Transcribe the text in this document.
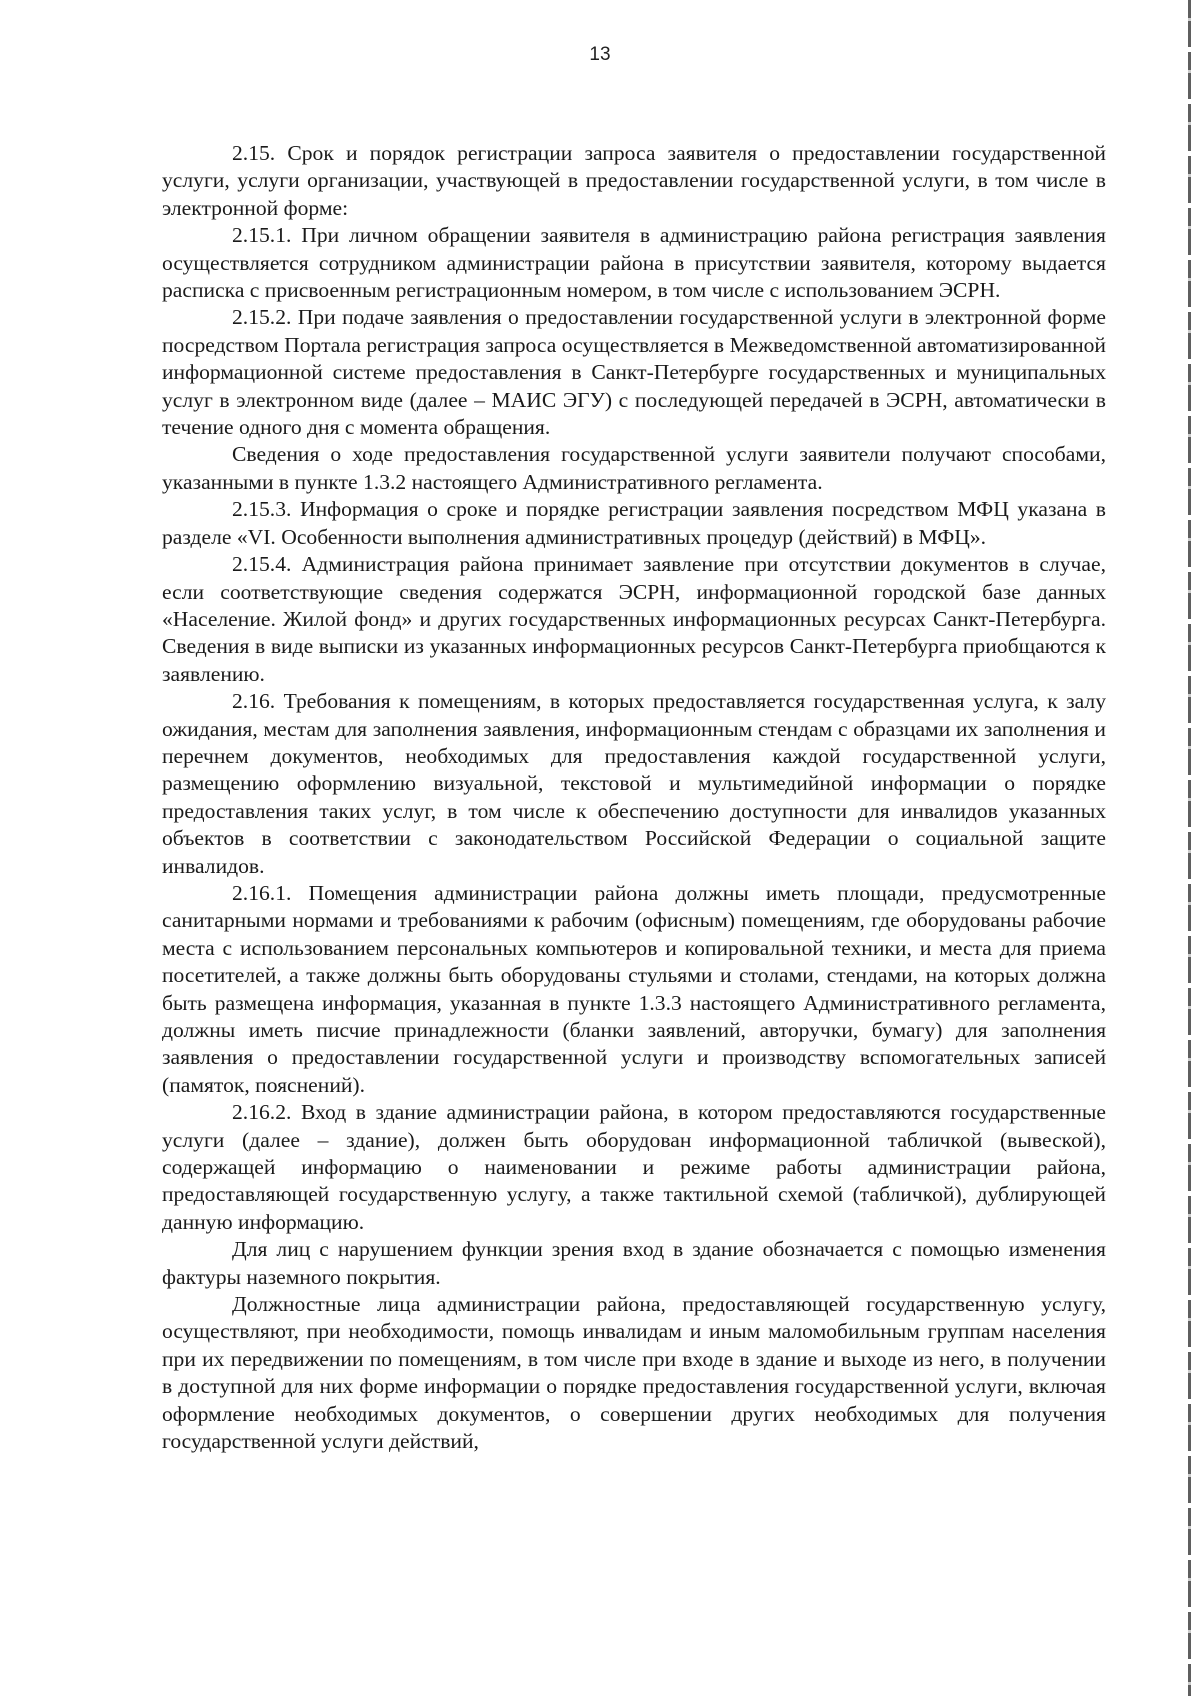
13

2.15. Срок и порядок регистрации запроса заявителя о предоставлении государственной услуги, услуги организации, участвующей в предоставлении государственной услуги, в том числе в электронной форме:

2.15.1. При личном обращении заявителя в администрацию района регистрация заявления осуществляется сотрудником администрации района в присутствии заявителя, которому выдается расписка с присвоенным регистрационным номером, в том числе с использованием ЭСРН.

2.15.2. При подаче заявления о предоставлении государственной услуги в электронной форме посредством Портала регистрация запроса осуществляется в Межведомственной автоматизированной информационной системе предоставления в Санкт-Петербурге государственных и муниципальных услуг в электронном виде (далее – МАИС ЭГУ) с последующей передачей в ЭСРН, автоматически в течение одного дня с момента обращения.

Сведения о ходе предоставления государственной услуги заявители получают способами, указанными в пункте 1.3.2 настоящего Административного регламента.

2.15.3. Информация о сроке и порядке регистрации заявления посредством МФЦ указана в разделе «VI. Особенности выполнения административных процедур (действий) в МФЦ».

2.15.4. Администрация района принимает заявление при отсутствии документов в случае, если соответствующие сведения содержатся ЭСРН, информационной городской базе данных «Население. Жилой фонд» и других государственных информационных ресурсах Санкт-Петербурга. Сведения в виде выписки из указанных информационных ресурсов Санкт-Петербурга приобщаются к заявлению.

2.16. Требования к помещениям, в которых предоставляется государственная услуга, к залу ожидания, местам для заполнения заявления, информационным стендам с образцами их заполнения и перечнем документов, необходимых для предоставления каждой государственной услуги, размещению оформлению визуальной, текстовой и мультимедийной информации о порядке предоставления таких услуг, в том числе к обеспечению доступности для инвалидов указанных объектов в соответствии с законодательством Российской Федерации о социальной защите инвалидов.

2.16.1. Помещения администрации района должны иметь площади, предусмотренные санитарными нормами и требованиями к рабочим (офисным) помещениям, где оборудованы рабочие места с использованием персональных компьютеров и копировальной техники, и места для приема посетителей, а также должны быть оборудованы стульями и столами, стендами, на которых должна быть размещена информация, указанная в пункте 1.3.3 настоящего Административного регламента, должны иметь писчие принадлежности (бланки заявлений, авторучки, бумагу) для заполнения заявления о предоставлении государственной услуги и производству вспомогательных записей (памяток, пояснений).

2.16.2. Вход в здание администрации района, в котором предоставляются государственные услуги (далее – здание), должен быть оборудован информационной табличкой (вывеской), содержащей информацию о наименовании и режиме работы администрации района, предоставляющей государственную услугу, а также тактильной схемой (табличкой), дублирующей данную информацию.

Для лиц с нарушением функции зрения вход в здание обозначается с помощью изменения фактуры наземного покрытия.

Должностные лица администрации района, предоставляющей государственную услугу, осуществляют, при необходимости, помощь инвалидам и иным маломобильным группам населения при их передвижении по помещениям, в том числе при входе в здание и выходе из него, в получении в доступной для них форме информации о порядке предоставления государственной услуги, включая оформление необходимых документов, о совершении других необходимых для получения государственной услуги действий,
